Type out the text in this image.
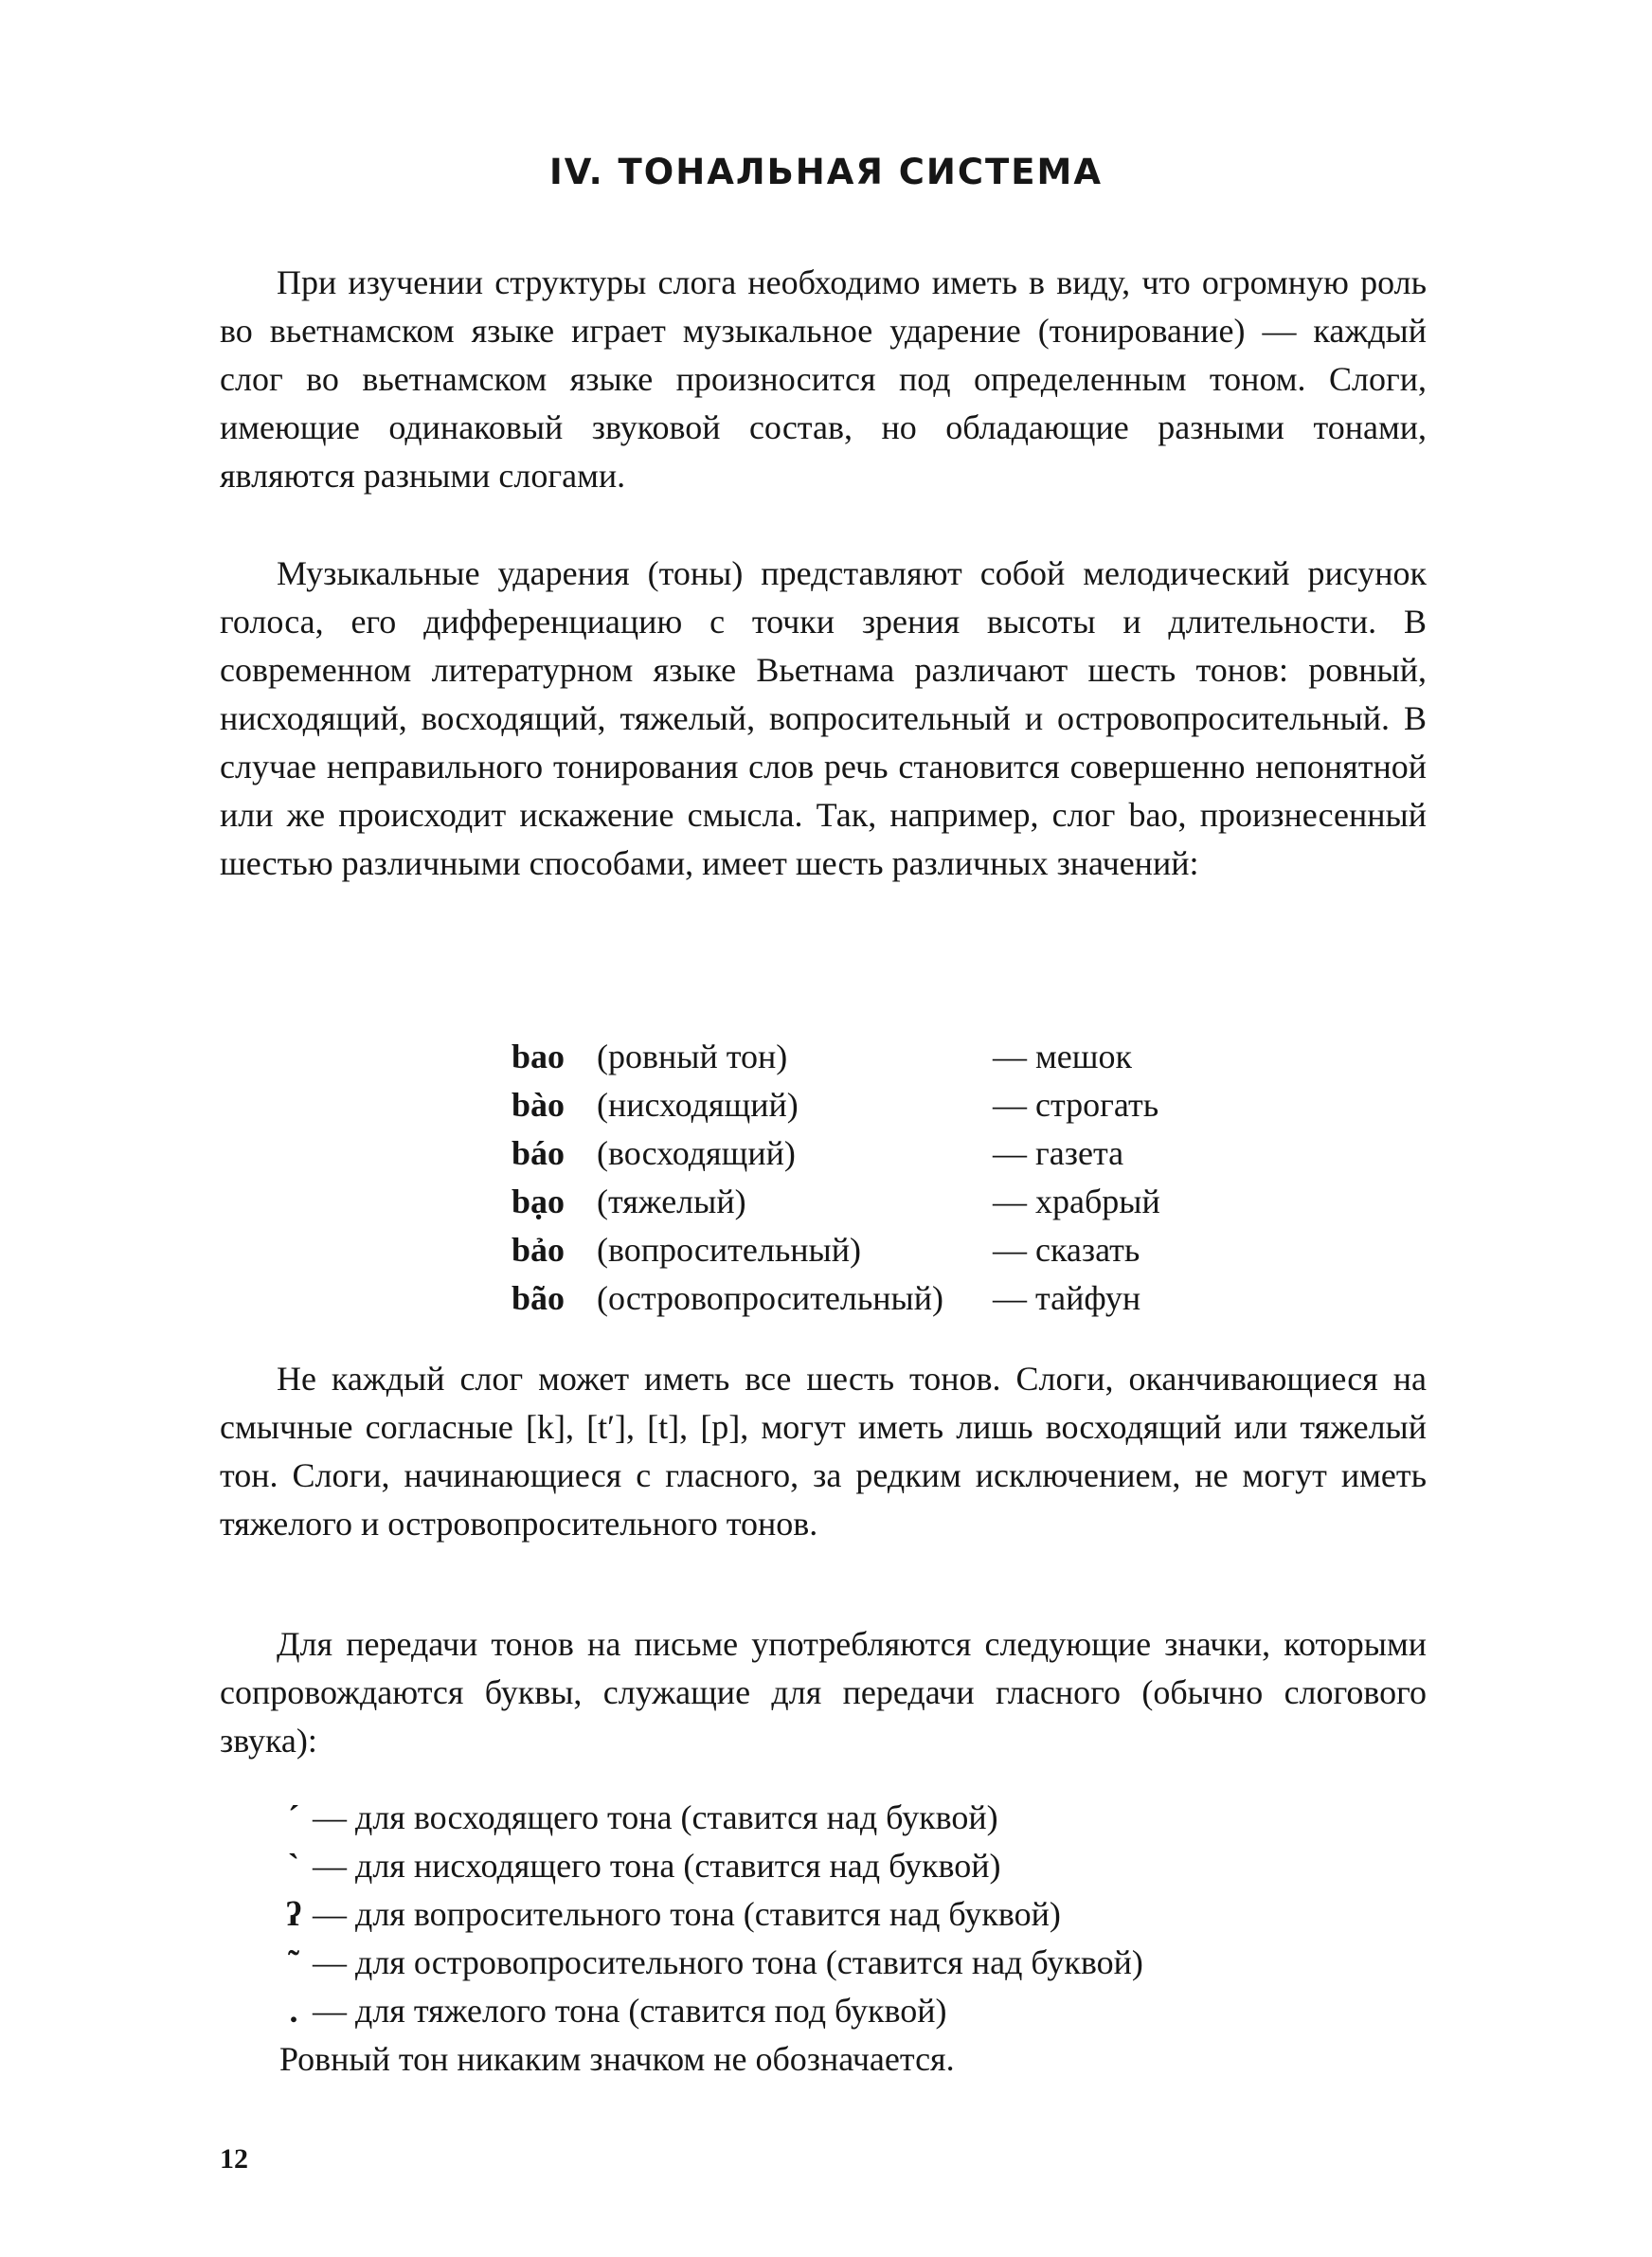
IV. ТОНАЛЬНАЯ СИСТЕМА

При изучении структуры слога необходимо иметь в виду, что огромную роль во вьетнамском языке играет музыкальное ударение (тонирование) — каждый слог во вьетнамском языке произносится под определенным тоном. Слоги, имеющие одинаковый звуковой состав, но обладающие разными тонами, являются разными слогами.

Музыкальные ударения (тоны) представляют собой мелодический рисунок голоса, его дифференциацию с точки зрения высоты и длительности. В современном литературном языке Вьетнама различают шесть тонов: ровный, нисходящий, восходящий, тяжелый, вопросительный и островопросительный. В случае неправильного тонирования слов речь становится совершенно непонятной или же происходит искажение смысла. Так, например, слог bao, произнесенный шестью различными способами, имеет шесть различных значений:

bao (ровный тон)	— мешок
bào (нисходящий)	— строгать
báo (восходящий)	— газета
bạo (тяжелый)	— храбрый
bảo (вопросительный)	— сказать
bão (островопросительный)	— тайфун

Не каждый слог может иметь все шесть тонов. Слоги, оканчивающиеся на смычные согласные [k], [t′], [t], [p], могут иметь лишь восходящий или тяжелый тон. Слоги, начинающиеся с гласного, за редким исключением, не могут иметь тяжелого и островопросительного тонов.

Для передачи тонов на письме употребляются следующие значки, которыми сопровождаются буквы, служащие для передачи гласного (обычно слогового звука):

ˊ — для восходящего тона (ставится над буквой)
ˋ — для нисходящего тона (ставится над буквой)
ʔ — для вопросительного тона (ставится над буквой)
˜ — для островопросительного тона (ставится над буквой)
. — для тяжелого тона (ставится под буквой)

Ровный тон никаким значком не обозначается.

12
